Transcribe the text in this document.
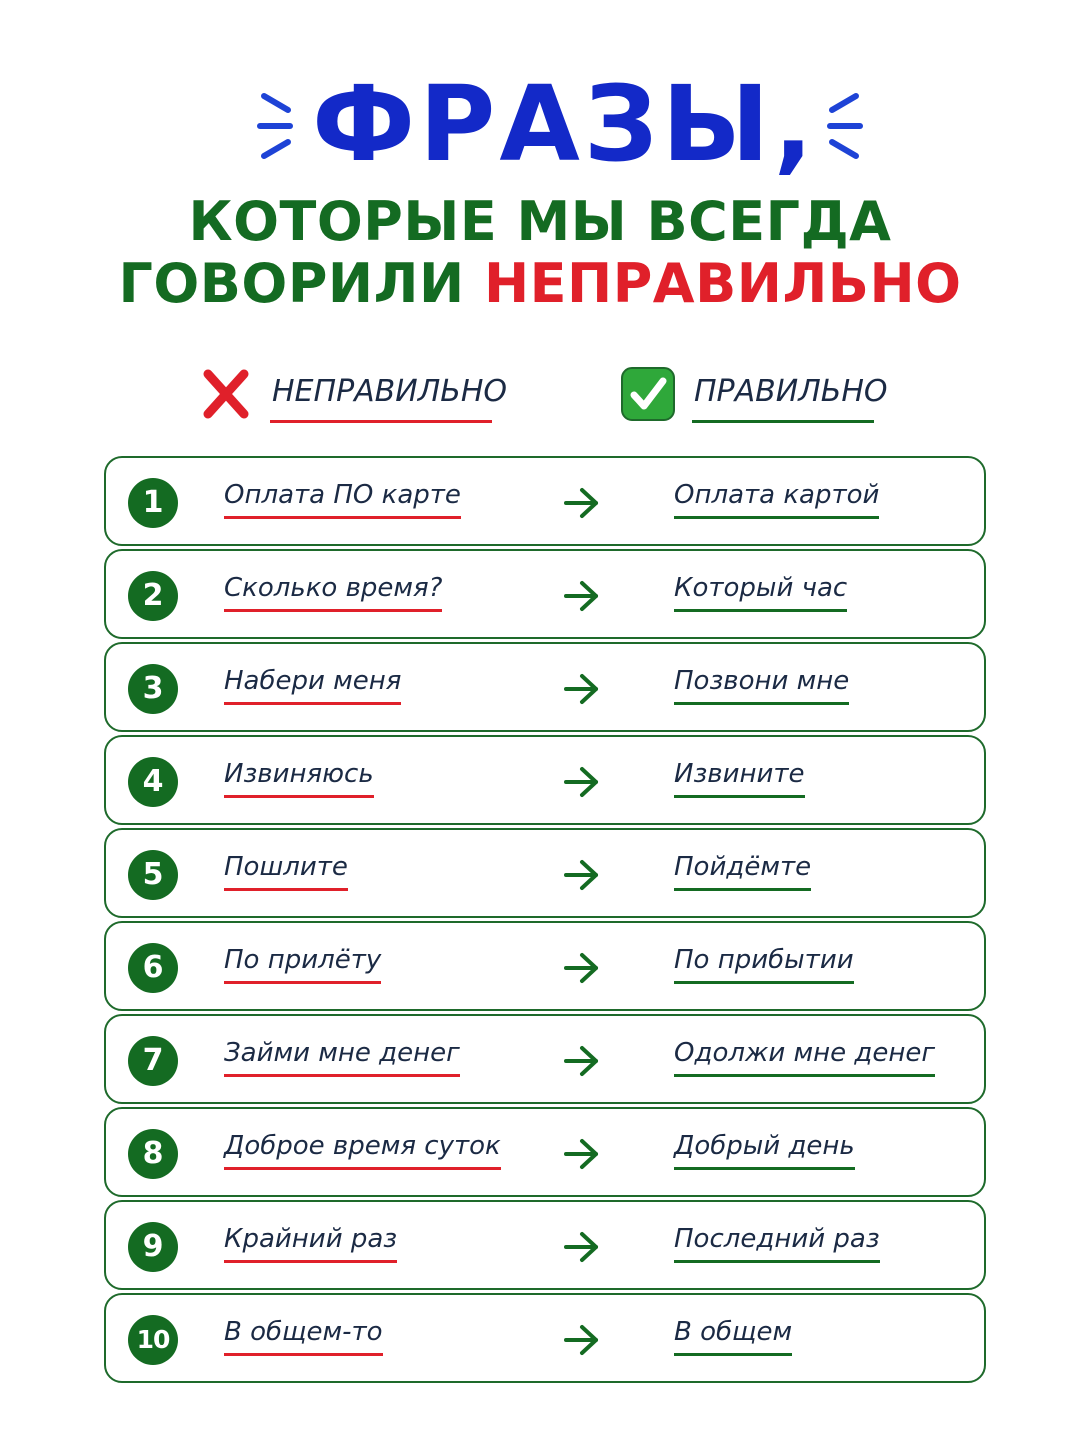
ФРАЗЫ,
КОТОРЫЕ МЫ ВСЕГДА
ГОВОРИЛИ НЕПРАВИЛЬНО
НЕПРАВИЛЬНО	ПРАВИЛЬНО
1	Оплата ПО карте	Оплата картой
2	Сколько время?	Который час
3	Набери меня	Позвони мне
4	Извиняюсь	Извините
5	Пошлите	Пойдёмте
6	По прилёту	По прибытии
7	Займи мне денег	Одолжи мне денег
8	Доброе время суток	Добрый день
9	Крайний раз	Последний раз
10	В общем-то	В общем
